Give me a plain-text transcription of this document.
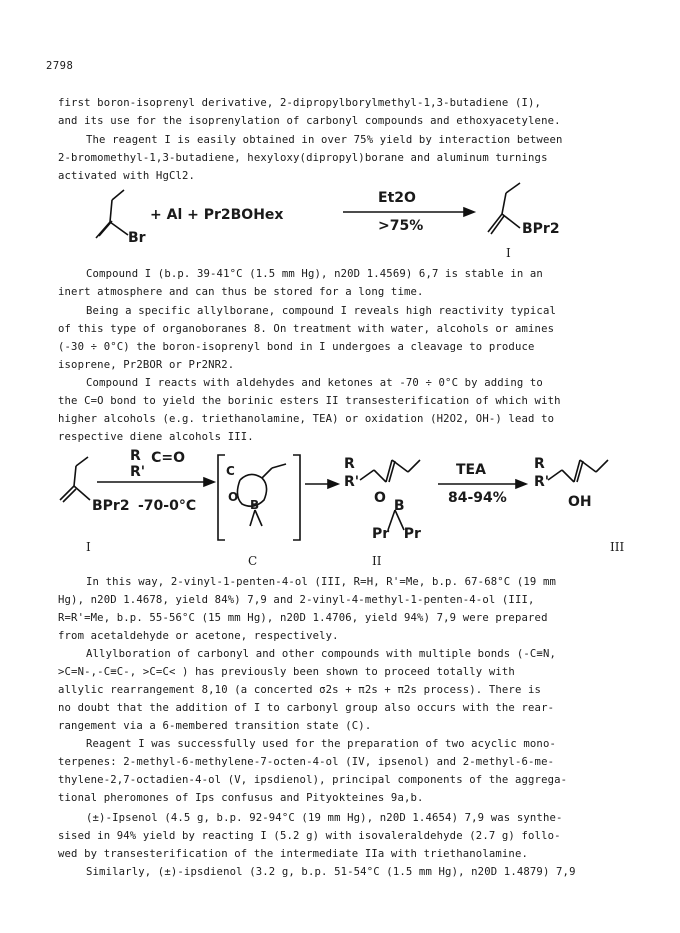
2798
first boron-isoprenyl derivative, 2-dipropylborylmethyl-1,3-butadiene (I),
and its use for the isoprenylation of carbonyl compounds and ethoxyacetylene.
The reagent I is easily obtained in over 75% yield by interaction between
2-bromomethyl-1,3-butadiene, hexyloxy(dipropyl)borane and aluminum turnings
activated with HgCl2.
Br
+ Al + Pr2BOHex
Et2O
>75%	BPr2
I
Compound I (b.p. 39-41°C (1.5 mm Hg), n20D 1.4569) 6,7 is stable in an
inert atmosphere and can thus be stored for a long time.
Being a specific allylborane, compound I reveals high reactivity typical
of this type of organoboranes 8. On treatment with water, alcohols or amines
(-30 ÷ 0°C) the boron-isoprenyl bond in I undergoes a cleavage to produce
isoprene, Pr2BOR or Pr2NR2.
Compound I reacts with aldehydes and ketones at -70 ÷ 0°C by adding to
the C=O bond to yield the borinic esters II transesterification of which with
higher alcohols (e.g. triethanolamine, TEA) or oxidation (H2O2, OH-) lead to
respective diene alcohols III.
BPr2
R
R'C=O
-70-0°C
I
C
C
O
B
R
R'
O B
Pr   Pr
II
TEA
84-94%
R
R'
OH
III
In this way, 2-vinyl-1-penten-4-ol (III, R=H, R'=Me, b.p. 67-68°C (19 mm
Hg), n20D 1.4678, yield 84%) 7,9 and 2-vinyl-4-methyl-1-penten-4-ol (III,
R=R'=Me, b.p. 55-56°C (15 mm Hg), n20D 1.4706, yield 94%) 7,9 were prepared
from acetaldehyde or acetone, respectively.
Allylboration of carbonyl and other compounds with multiple bonds (-C≡N,
>C=N-,-C≡C-, >C=C< ) has previously been shown to proceed totally with
allylic rearrangement 8,10 (a concerted σ2s + π2s + π2s process). There is
no doubt that the addition of I to carbonyl group also occurs with the rear-
rangement via a 6-membered transition state (C).
Reagent I was successfully used for the preparation of two acyclic mono-
terpenes: 2-methyl-6-methylene-7-octen-4-ol (IV, ipsenol) and 2-methyl-6-me-
thylene-2,7-octadien-4-ol (V, ipsdienol), principal components of the aggrega-
tional pheromones of Ips confusus and Pityokteines 9a,b.
(±)-Ipsenol (4.5 g, b.p. 92-94°C (19 mm Hg), n20D 1.4654) 7,9 was synthe-
sised in 94% yield by reacting I (5.2 g) with isovaleraldehyde (2.7 g) follo-
wed by transesterification of the intermediate IIa with triethanolamine.
Similarly, (±)-ipsdienol (3.2 g, b.p. 51-54°C (1.5 mm Hg), n20D 1.4879) 7,9
